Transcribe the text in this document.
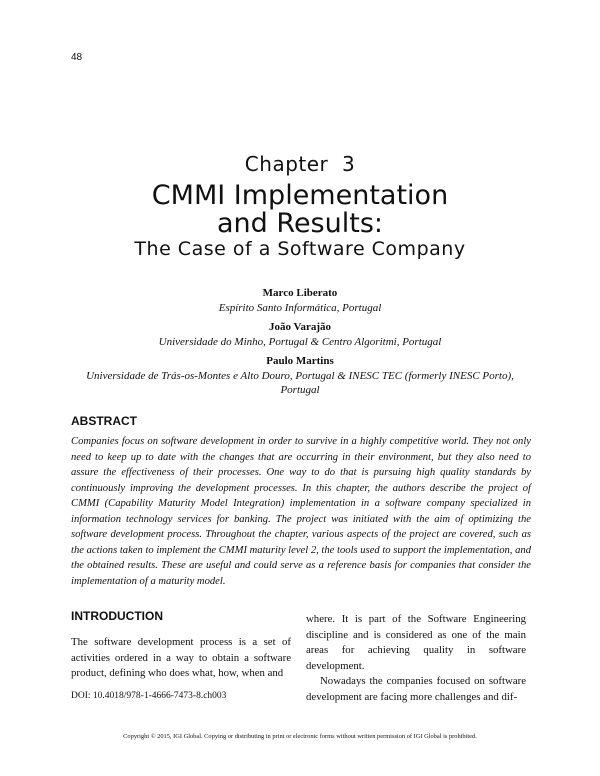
48
Chapter  3
CMMI Implementation
and Results:
The Case of a Software Company
Marco Liberato
Espírito Santo Informática, Portugal
João Varajão
Universidade do Minho, Portugal & Centro Algoritmi, Portugal
Paulo Martins
Universidade de Trás-os-Montes e Alto Douro, Portugal & INESC TEC (formerly INESC Porto),
Portugal
ABSTRACT
Companies focus on software development in order to survive in a highly competitive world. They not only need to keep up to date with the changes that are occurring in their environment, but they also need to assure the effectiveness of their processes. One way to do that is pursuing high quality standards by continuously improving the development processes. In this chapter, the authors describe the project of CMMI (Capability Maturity Model Integration) implementation in a software company specialized in information technology services for banking. The project was initiated with the aim of optimizing the software development process. Throughout the chapter, various aspects of the project are covered, such as the actions taken to implement the CMMI maturity level 2, the tools used to support the implementation, and the obtained results. These are useful and could serve as a reference basis for companies that consider the implementation of a maturity model.
INTRODUCTION

The software development process is a set of activities ordered in a way to obtain a software product, defining who does what, how, when and

where. It is part of the Software Engineering discipline and is considered as one of the main areas for achieving quality in software development.

Nowadays the companies focused on software development are facing more challenges and dif-

DOI: 10.4018/978-1-4666-7473-8.ch003
Copyright © 2015, IGI Global. Copying or distributing in print or electronic forms without written permission of IGI Global is prohibited.
